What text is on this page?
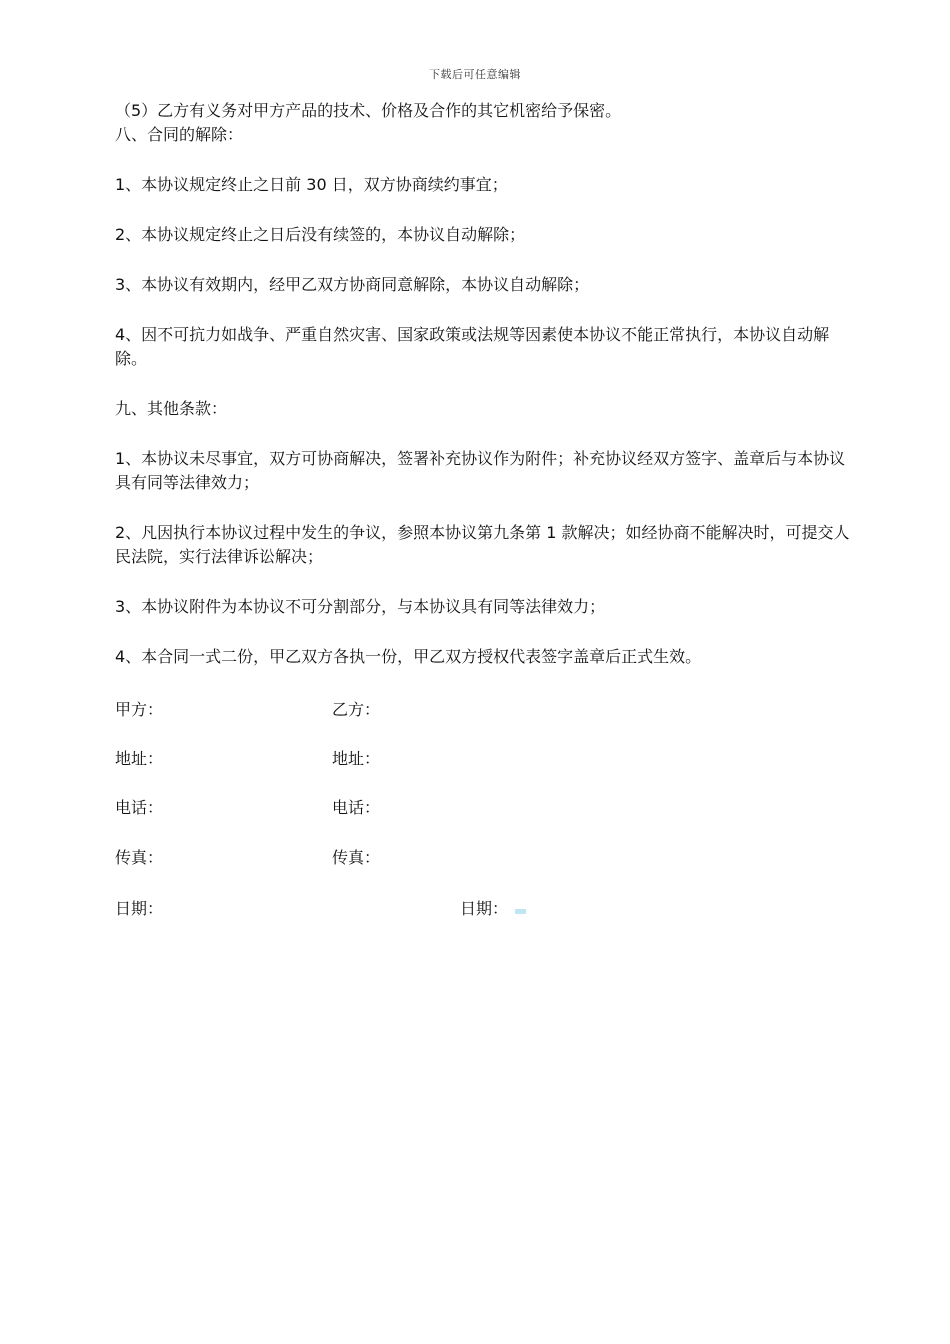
下载后可任意编辑

（5）乙方有义务对甲方产品的技术、价格及合作的其它机密给予保密。

八、合同的解除：

1、本协议规定终止之日前 30 日，双方协商续约事宜；

2、本协议规定终止之日后没有续签的，本协议自动解除；

3、本协议有效期内，经甲乙双方协商同意解除，本协议自动解除；

4、因不可抗力如战争、严重自然灾害、国家政策或法规等因素使本协议不能正常执行，本协议自动解除。

九、其他条款：

1、本协议未尽事宜，双方可协商解决，签署补充协议作为附件；补充协议经双方签字、盖章后与本协议具有同等法律效力；

2、凡因执行本协议过程中发生的争议，参照本协议第九条第 1 款解决；如经协商不能解决时，可提交人民法院，实行法律诉讼解决；

3、本协议附件为本协议不可分割部分，与本协议具有同等法律效力；

4、本合同一式二份，甲乙双方各执一份，甲乙双方授权代表签字盖章后正式生效。

甲方：	乙方：
地址：	地址：
电话：	电话：
传真：	传真：
日期：	日期：
